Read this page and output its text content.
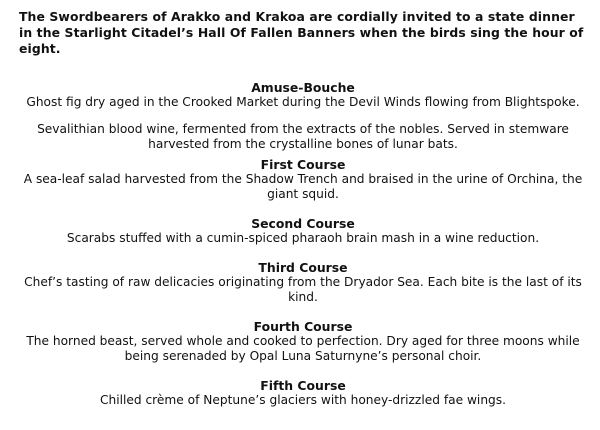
The Swordbearers of Arakko and Krakoa are cordially invited to a state dinner in the Starlight Citadel’s Hall Of Fallen Banners when the birds sing the hour of eight.

Amuse-Bouche

Ghost fig dry aged in the Crooked Market during the Devil Winds flowing from Blightspoke.

Sevalithian blood wine, fermented from the extracts of the nobles. Served in stemware harvested from the crystalline bones of lunar bats.

First Course

A sea-leaf salad harvested from the Shadow Trench and braised in the urine of Orchina, the giant squid.

Second Course

Scarabs stuffed with a cumin-spiced pharaoh brain mash in a wine reduction.

Third Course

Chef’s tasting of raw delicacies originating from the Dryador Sea. Each bite is the last of its kind.

Fourth Course

The horned beast, served whole and cooked to perfection. Dry aged for three moons while being serenaded by Opal Luna Saturnyne’s personal choir.

Fifth Course

Chilled crème of Neptune’s glaciers with honey-drizzled fae wings.
